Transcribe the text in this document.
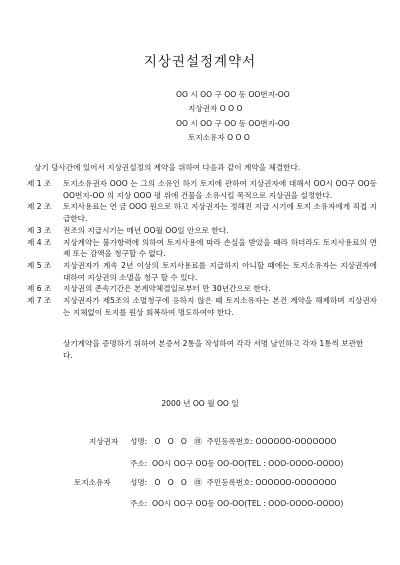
지상권설정계약서
OO 시 OO 구 OO 동 OO번지-OO
지상권자 O O O
OO 시 OO 구 OO 동 OO번지-OO
토지소유자 O O O
상기 당사간에 있어서 지상권설정의 계약을 위하여 다음과 같이 계약을 체결한다.
제 1 조	토지소유권자 OOO 는 그의 소유인 하기 토지에 관하여 지상권자에 대해서 OO시 OO구 OO동 OO번지-OO 의 지상 OOO 평 위에 건물을 소유시킬 목적으로 지상권을 설정한다.
제 2 조	토지사용료는 연 금 OOO 원으로 하고 지상권자는 정해진 지급 시기에 토지 소유자에게 직접 지급한다.
제 3 조	전조의 지급시기는 매년 OO월 OO일 안으로 한다.
제 4 조	지상계약는 불가항력에 의하여 토지사용에 따라 손실을 받았을 때라 하더라도 토지사용료의 면제 또는 감액을 청구할 수 없다.
제 5 조	지상권자가 계속 2년 이상의 토지사용료를 지급하지 아니할 때에는 토지소유자는 지상권자에 대하여 지상권의 소멸을 청구 할 수 있다.
제 6 조	지상권의 존속기간은 본계약체결일로부터 만 30년간으로 한다.
제 7 조	지상권자가 제5조의 소멸청구에 응하지 않은 때 토지소유자는 본건 계약을 해제하며 지상권자는 지체없이 토지를 원상 회복하여 명도하여야 한다.
상기계약을 증명하기 위하여 본증서 2통을 작성하여 각각 서명 날인하고 각자 1통씩 보관한다.
2000 년 OO 월 OO 일
지상권자 성명:   O   O   O   ㊞  주민등록번호: OOOOOO-OOOOOOO
주소:  OO시 OO구 OO동 OO-OO(TEL : OOO-OOOO-OOOO)
토지소유자	성명:   O   O   O   ㊞  주민등록번호: OOOOOO-OOOOOOO
주소:  OO시 OO구 OO동 OO-OO(TEL : OOO-OOOO-OOOO)
